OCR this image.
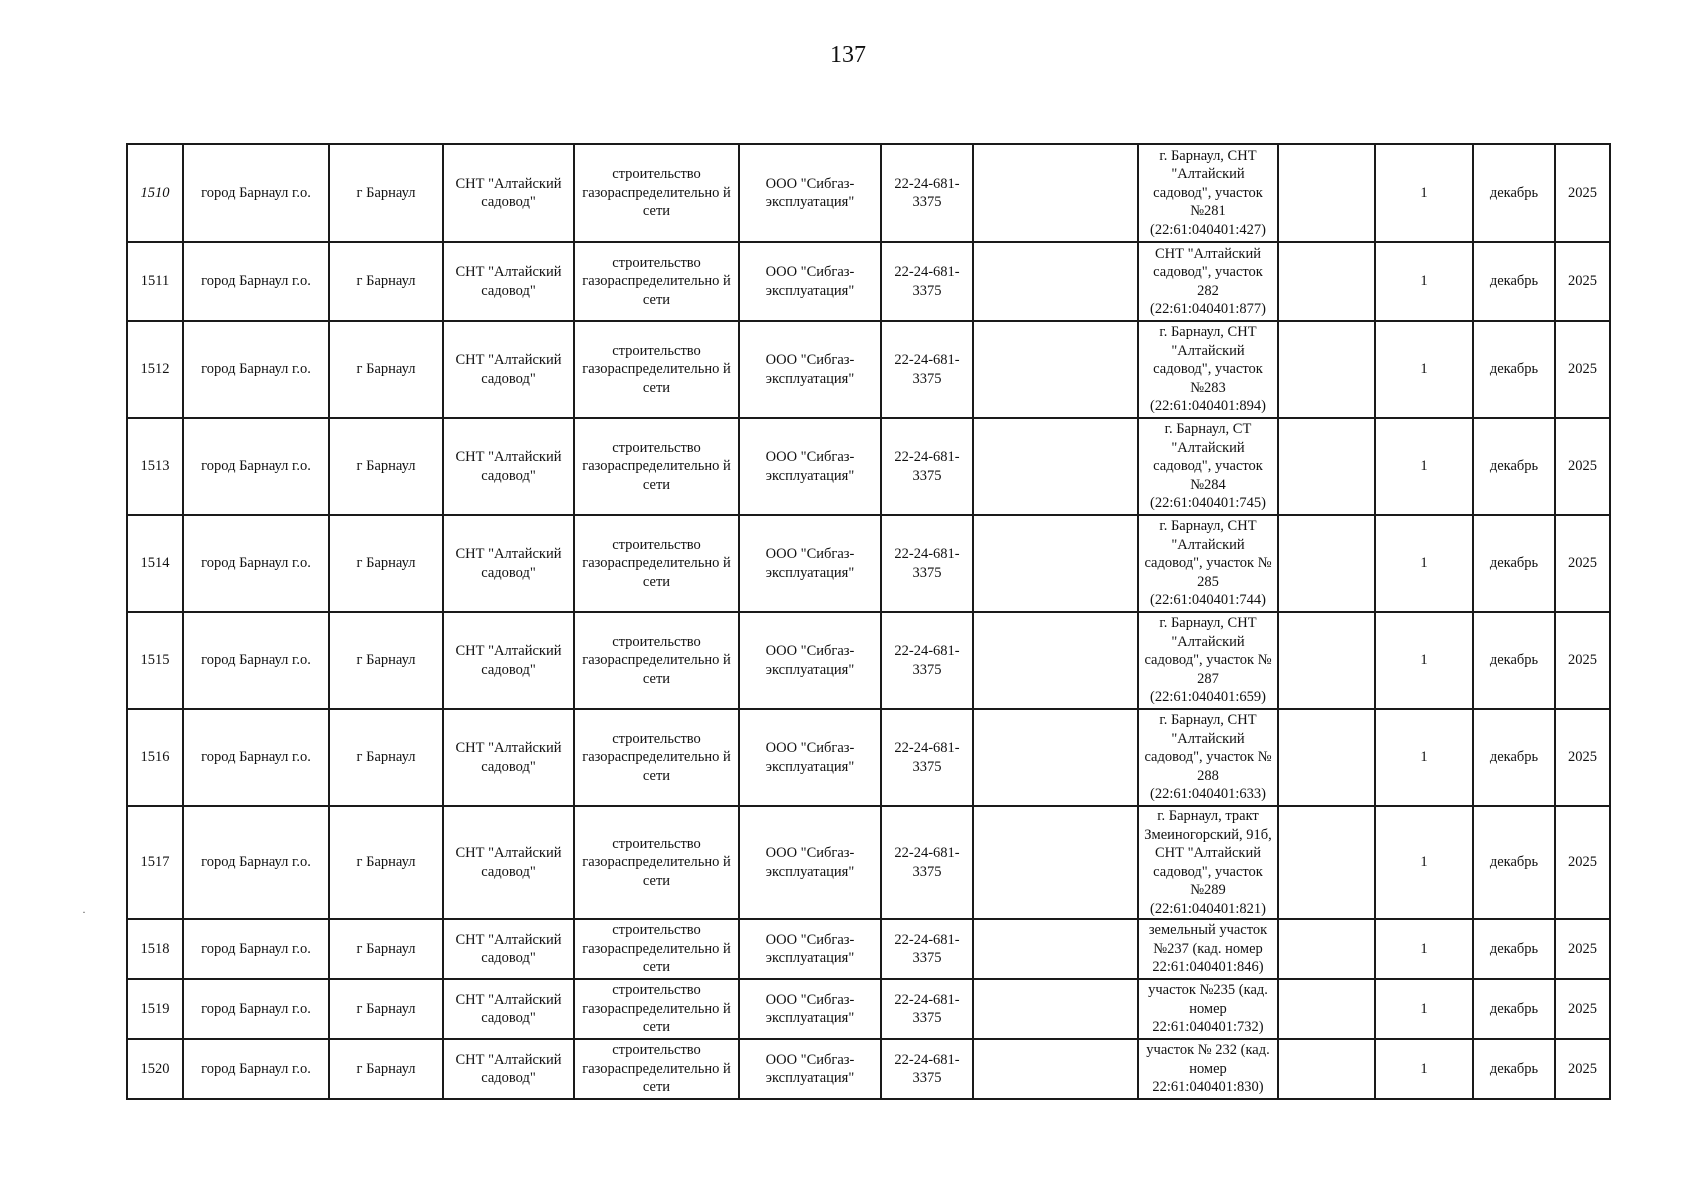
137
·
1510	город Барнаул г.о.	г Барнаул	СНТ "Алтайский садовод"	строительство газораспределительно й сети	ООО "Сибгаз-эксплуатация"	22-24-681-3375		г. Барнаул, СНТ "Алтайский садовод", участок №281 (22:61:040401:427)		1	декабрь	2025
1511	город Барнаул г.о.	г Барнаул	СНТ "Алтайский садовод"	строительство газораспределительно й сети	ООО "Сибгаз-эксплуатация"	22-24-681-3375		СНТ "Алтайский садовод", участок 282 (22:61:040401:877)		1	декабрь	2025
1512	город Барнаул г.о.	г Барнаул	СНТ "Алтайский садовод"	строительство газораспределительно й сети	ООО "Сибгаз-эксплуатация"	22-24-681-3375		г. Барнаул, СНТ "Алтайский садовод", участок №283 (22:61:040401:894)		1	декабрь	2025
1513	город Барнаул г.о.	г Барнаул	СНТ "Алтайский садовод"	строительство газораспределительно й сети	ООО "Сибгаз-эксплуатация"	22-24-681-3375		г. Барнаул, СТ "Алтайский садовод", участок №284 (22:61:040401:745)		1	декабрь	2025
1514	город Барнаул г.о.	г Барнаул	СНТ "Алтайский садовод"	строительство газораспределительно й сети	ООО "Сибгаз-эксплуатация"	22-24-681-3375		г. Барнаул, СНТ "Алтайский садовод", участок № 285 (22:61:040401:744)		1	декабрь	2025
1515	город Барнаул г.о.	г Барнаул	СНТ "Алтайский садовод"	строительство газораспределительно й сети	ООО "Сибгаз-эксплуатация"	22-24-681-3375		г. Барнаул, СНТ "Алтайский садовод", участок № 287 (22:61:040401:659)		1	декабрь	2025
1516	город Барнаул г.о.	г Барнаул	СНТ "Алтайский садовод"	строительство газораспределительно й сети	ООО "Сибгаз-эксплуатация"	22-24-681-3375		г. Барнаул, СНТ "Алтайский садовод", участок № 288 (22:61:040401:633)		1	декабрь	2025
1517	город Барнаул г.о.	г Барнаул	СНТ "Алтайский садовод"	строительство газораспределительно й сети	ООО "Сибгаз-эксплуатация"	22-24-681-3375		г. Барнаул, тракт Змеиногорский, 91б, СНТ "Алтайский садовод", участок №289 (22:61:040401:821)		1	декабрь	2025
1518	город Барнаул г.о.	г Барнаул	СНТ "Алтайский садовод"	строительство газораспределительно й сети	ООО "Сибгаз-эксплуатация"	22-24-681-3375		земельный участок №237 (кад. номер 22:61:040401:846)		1	декабрь	2025
1519	город Барнаул г.о.	г Барнаул	СНТ "Алтайский садовод"	строительство газораспределительно й сети	ООО "Сибгаз-эксплуатация"	22-24-681-3375		участок №235 (кад. номер 22:61:040401:732)		1	декабрь	2025
1520	город Барнаул г.о.	г Барнаул	СНТ "Алтайский садовод"	строительство газораспределительно й сети	ООО "Сибгаз-эксплуатация"	22-24-681-3375		участок № 232 (кад. номер 22:61:040401:830)		1	декабрь	2025
